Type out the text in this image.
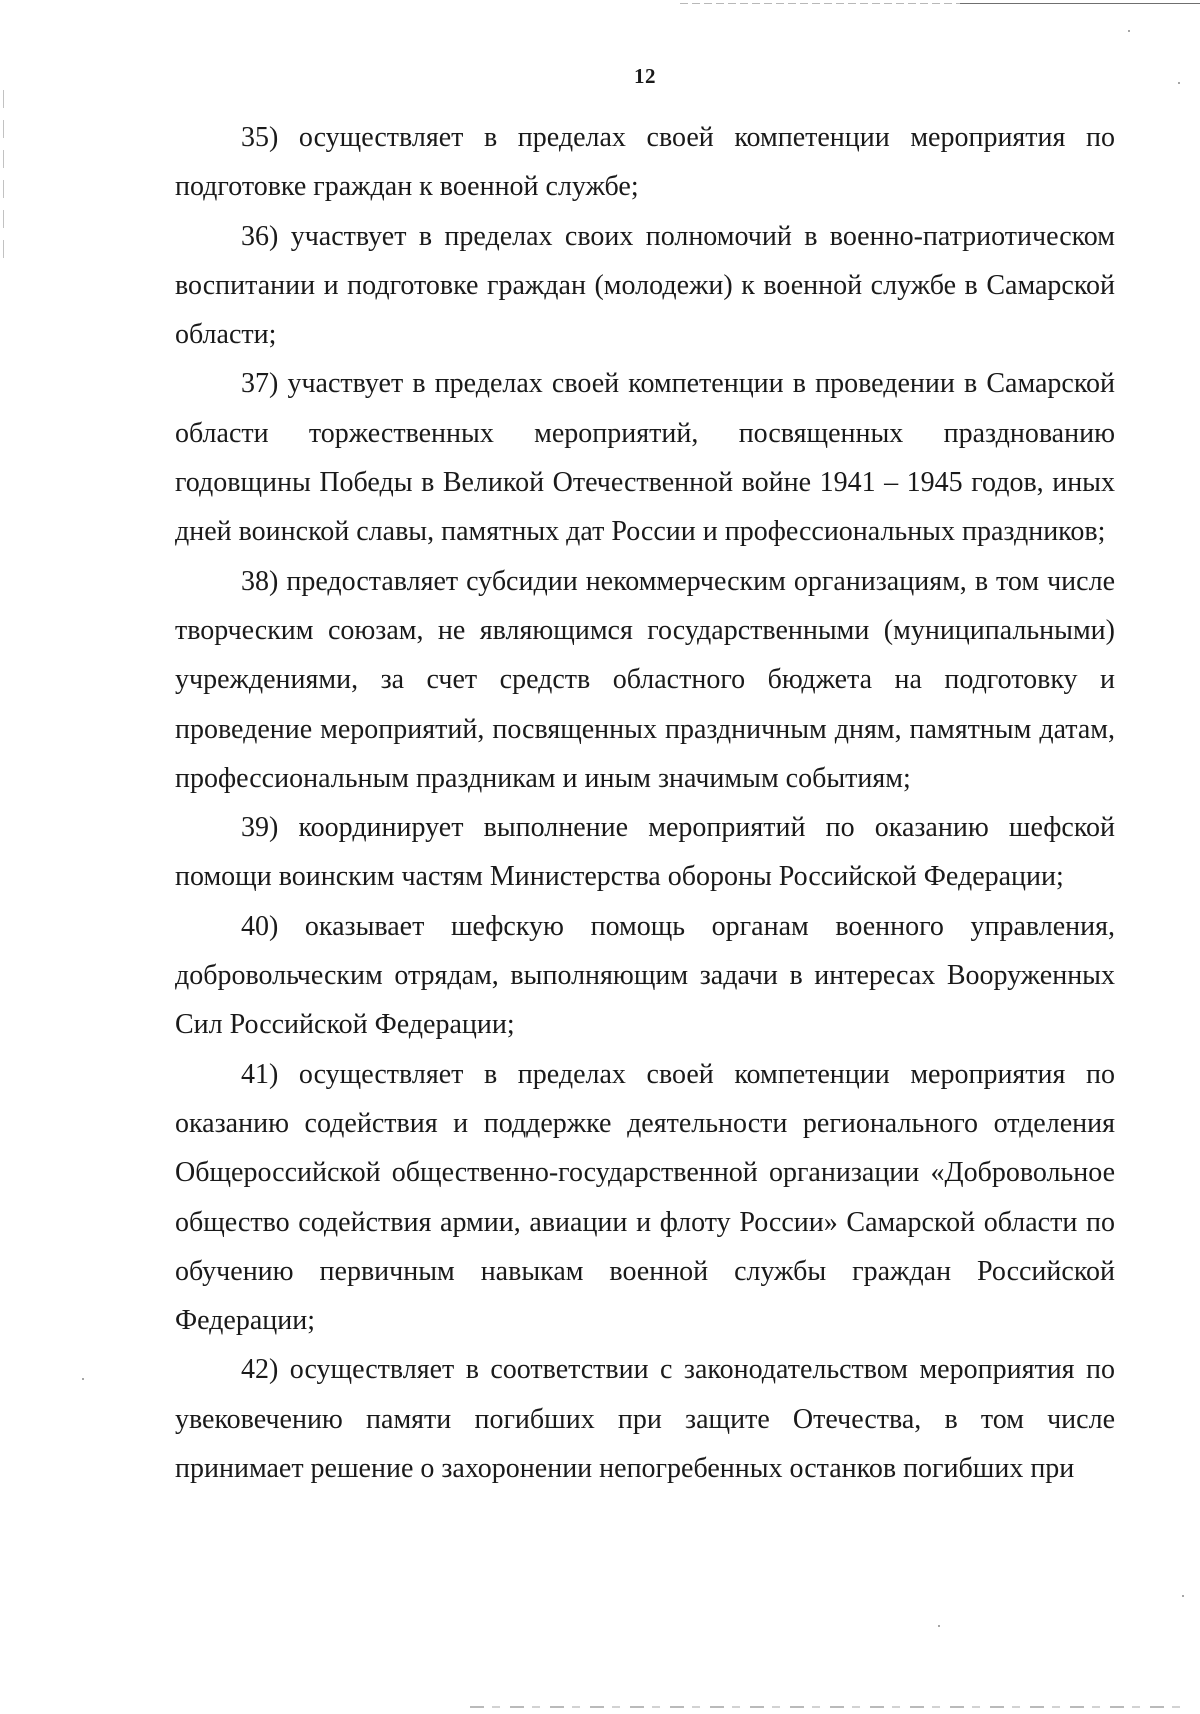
12

35) осуществляет в пределах своей компетенции мероприятия по подготовке граждан к военной службе;

36) участвует в пределах своих полномочий в военно-патриотическом воспитании и подготовке граждан (молодежи) к военной службе в Самарской области;

37) участвует в пределах своей компетенции в проведении в Самарской области торжественных мероприятий, посвященных празднованию годовщины Победы в Великой Отечественной войне 1941 – 1945 годов, иных дней воинской славы, памятных дат России и профессиональных праздников;

38) предоставляет субсидии некоммерческим организациям, в том числе творческим союзам, не являющимся государственными (муниципальными) учреждениями, за счет средств областного бюджета на подготовку и проведение мероприятий, посвященных праздничным дням, памятным датам, профессиональным праздникам и иным значимым событиям;

39) координирует выполнение мероприятий по оказанию шефской помощи воинским частям Министерства обороны Российской Федерации;

40) оказывает шефскую помощь органам военного управления, добровольческим отрядам, выполняющим задачи в интересах Вооруженных Сил Российской Федерации;

41) осуществляет в пределах своей компетенции мероприятия по оказанию содействия и поддержке деятельности регионального отделения Общероссийской общественно-государственной организации «Добровольное общество содействия армии, авиации и флоту России» Самарской области по обучению первичным навыкам военной службы граждан Российской Федерации;

42) осуществляет в соответствии с законодательством мероприятия по увековечению памяти погибших при защите Отечества, в том числе принимает решение о захоронении непогребенных останков погибших при
